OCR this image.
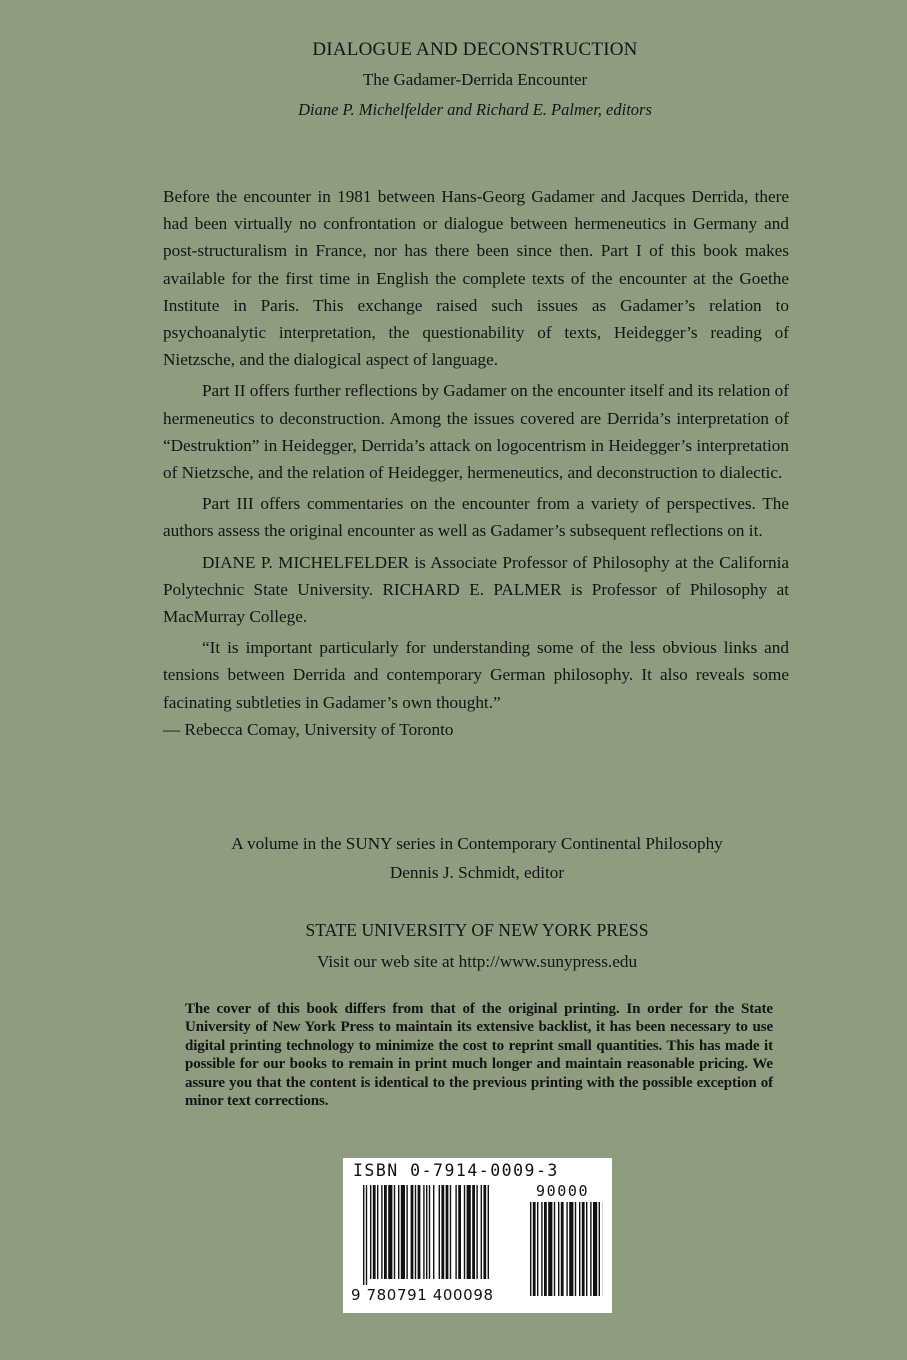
DIALOGUE AND DECONSTRUCTION

The Gadamer-Derrida Encounter

Diane P. Michelfelder and Richard E. Palmer, editors

Before the encounter in 1981 between Hans-Georg Gadamer and Jacques Derrida, there had been virtually no confrontation or dialogue between hermeneutics in Germany and post-structuralism in France, nor has there been since then. Part I of this book makes available for the first time in English the complete texts of the encounter at the Goethe Institute in Paris. This exchange raised such issues as Gadamer’s relation to psychoanalytic interpretation, the questionability of texts, Heidegger’s reading of Nietzsche, and the dialogical aspect of language.

Part II offers further reflections by Gadamer on the encounter itself and its relation of hermeneutics to deconstruction. Among the issues covered are Derrida’s interpretation of “Destruktion” in Heidegger, Derrida’s attack on logocentrism in Heidegger’s interpretation of Nietzsche, and the relation of Heidegger, hermeneutics, and deconstruction to dialectic.

Part III offers commentaries on the encounter from a variety of perspectives. The authors assess the original encounter as well as Gadamer’s subsequent reflections on it.

DIANE P. MICHELFELDER is Associate Professor of Philosophy at the California Polytechnic State University. RICHARD E. PALMER is Professor of Philosophy at MacMurray College.

“It is important particularly for understanding some of the less obvious links and tensions between Derrida and contemporary German philosophy. It also reveals some facinating subtleties in Gadamer’s own thought.”

— Rebecca Comay, University of Toronto

A volume in the SUNY series in Contemporary Continental Philosophy

Dennis J. Schmidt, editor

STATE UNIVERSITY OF NEW YORK PRESS

Visit our web site at http://www.sunypress.edu

The cover of this book differs from that of the original printing. In order for the State University of New York Press to maintain its extensive backlist, it has been necessary to use digital printing technology to minimize the cost to reprint small quantities. This has made it possible for our books to remain in print much longer and maintain reasonable pricing. We assure you that the content is identical to the previous printing with the possible exception of minor text corrections.
ISBN 0-7914-0009-3
90000
9 780791 400098
